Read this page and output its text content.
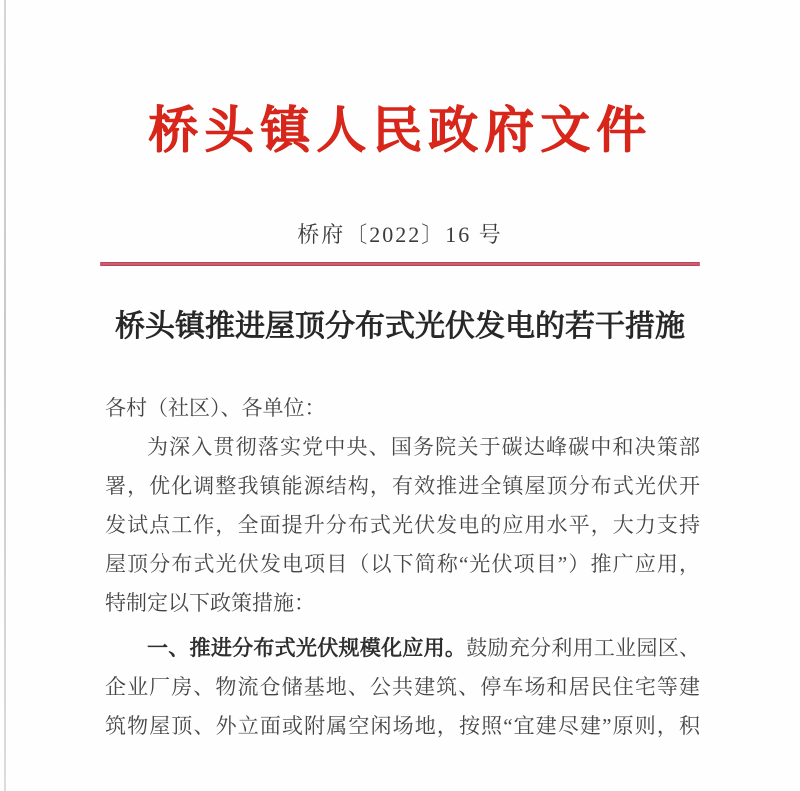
桥头镇人民政府文件
桥府〔2022〕16 号
桥头镇推进屋顶分布式光伏发电的若干措施
各村（社区）、各单位：
为深入贯彻落实党中央、国务院关于碳达峰碳中和决策部
署，优化调整我镇能源结构，有效推进全镇屋顶分布式光伏开
发试点工作，全面提升分布式光伏发电的应用水平，大力支持
屋顶分布式光伏发电项目（以下简称“光伏项目”）推广应用，
特制定以下政策措施：
一、推进分布式光伏规模化应用。鼓励充分利用工业园区、
企业厂房、物流仓储基地、公共建筑、停车场和居民住宅等建
筑物屋顶、外立面或附属空闲场地，按照“宜建尽建”原则，积
